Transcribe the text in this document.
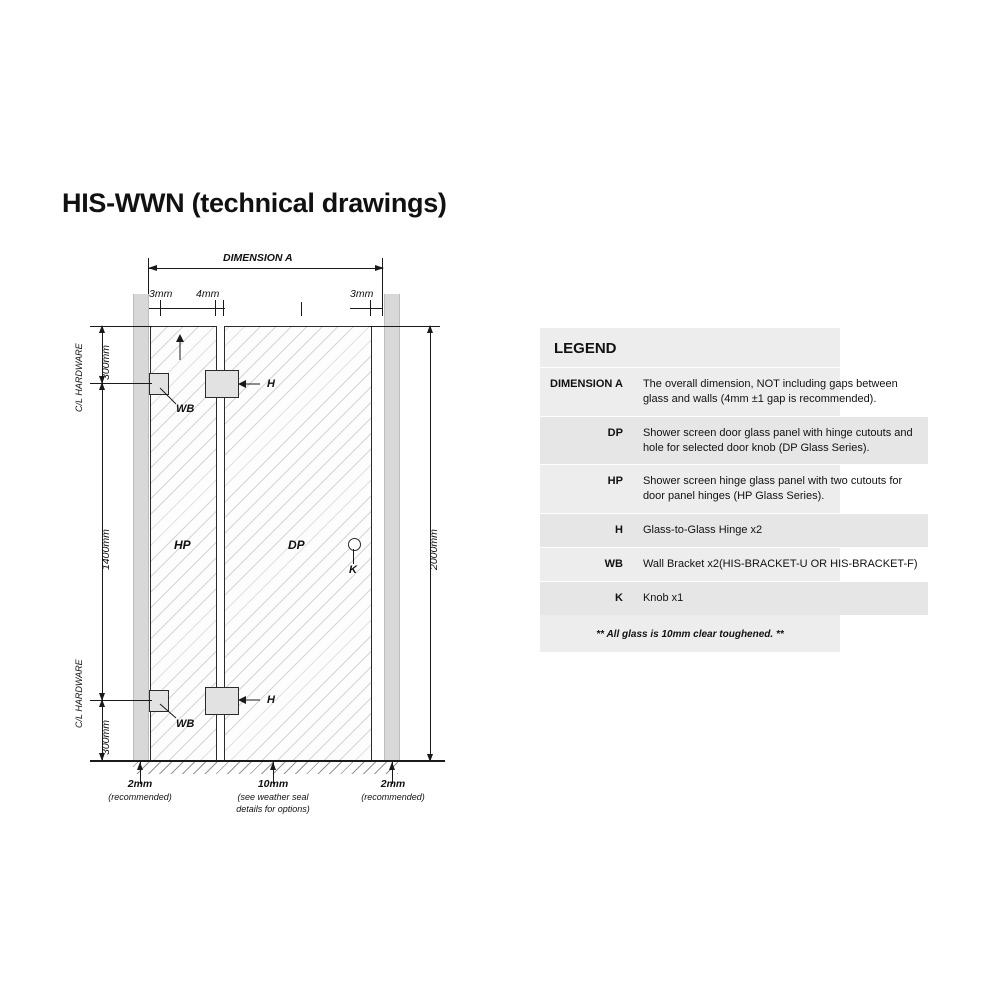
HIS-WWN (technical drawings)
DIMENSION A
3mm 4mm	3mm
HP	DP
WB
H
WB
H
K
300mm
1400mm
300mm
C/L HARDWARE
C/L HARDWARE
2000mm
2mm
(recommended)
10mm
(see weather seal
details for options)
2mm
(recommended)
LEGEND
DIMENSION A	The overall dimension, NOT including gaps between glass and walls (4mm ±1 gap is recommended).
DP	Shower screen door glass panel with hinge cutouts and hole for selected door knob (DP Glass Series).
HP	Shower screen hinge glass panel with two cutouts for door panel hinges (HP Glass Series).
H	Glass-to-Glass Hinge x2
WB	Wall Bracket x2(HIS-BRACKET-U OR HIS-BRACKET-F)
K	Knob x1
** All glass is 10mm clear toughened. **
